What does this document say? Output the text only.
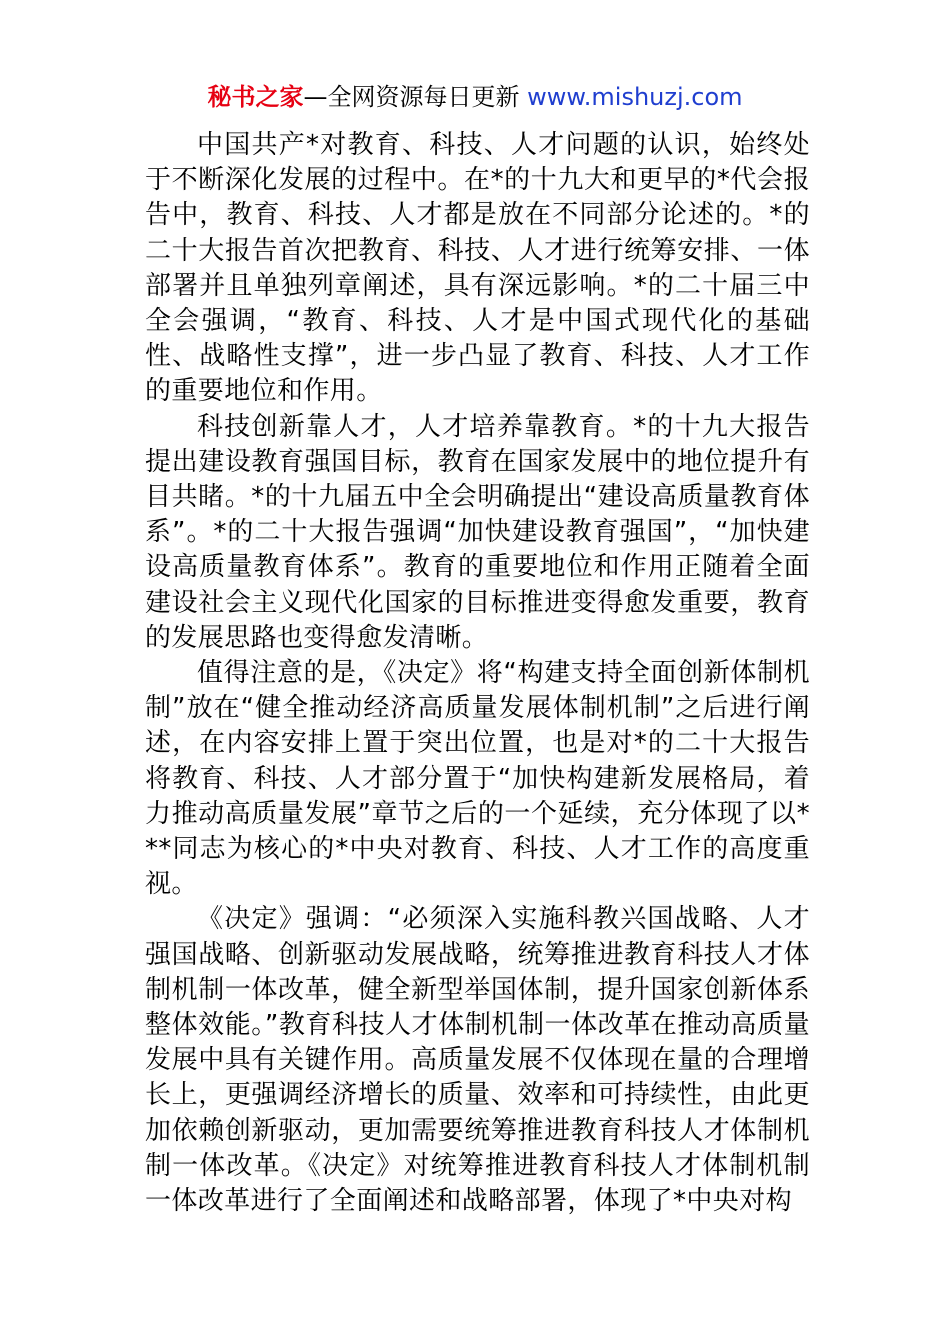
秘书之家—全网资源每日更新 www.mishuzj.com

中国共产*对教育、科技、人才问题的认识，始终处于不断深化发展的过程中。在*的十九大和更早的*代会报告中，教育、科技、人才都是放在不同部分论述的。*的二十大报告首次把教育、科技、人才进行统筹安排、一体部署并且单独列章阐述，具有深远影响。*的二十届三中全会强调，“教育、科技、人才是中国式现代化的基础性、战略性支撑”，进一步凸显了教育、科技、人才工作的重要地位和作用。

科技创新靠人才，人才培养靠教育。*的十九大报告提出建设教育强国目标，教育在国家发展中的地位提升有目共睹。*的十九届五中全会明确提出“建设高质量教育体系”。*的二十大报告强调“加快建设教育强国”，“加快建设高质量教育体系”。教育的重要地位和作用正随着全面建设社会主义现代化国家的目标推进变得愈发重要，教育的发展思路也变得愈发清晰。

值得注意的是，《决定》将“构建支持全面创新体制机制”放在“健全推动经济高质量发展体制机制”之后进行阐述，在内容安排上置于突出位置，也是对*的二十大报告将教育、科技、人才部分置于“加快构建新发展格局，着力推动高质量发展”章节之后的一个延续，充分体现了以***同志为核心的*中央对教育、科技、人才工作的高度重视。

《决定》强调：“必须深入实施科教兴国战略、人才强国战略、创新驱动发展战略，统筹推进教育科技人才体制机制一体改革，健全新型举国体制，提升国家创新体系整体效能。”教育科技人才体制机制一体改革在推动高质量发展中具有关键作用。高质量发展不仅体现在量的合理增长上，更强调经济增长的质量、效率和可持续性，由此更加依赖创新驱动，更加需要统筹推进教育科技人才体制机制一体改革。《决定》对统筹推进教育科技人才体制机制一体改革进行了全面阐述和战略部署，体现了*中央对构
